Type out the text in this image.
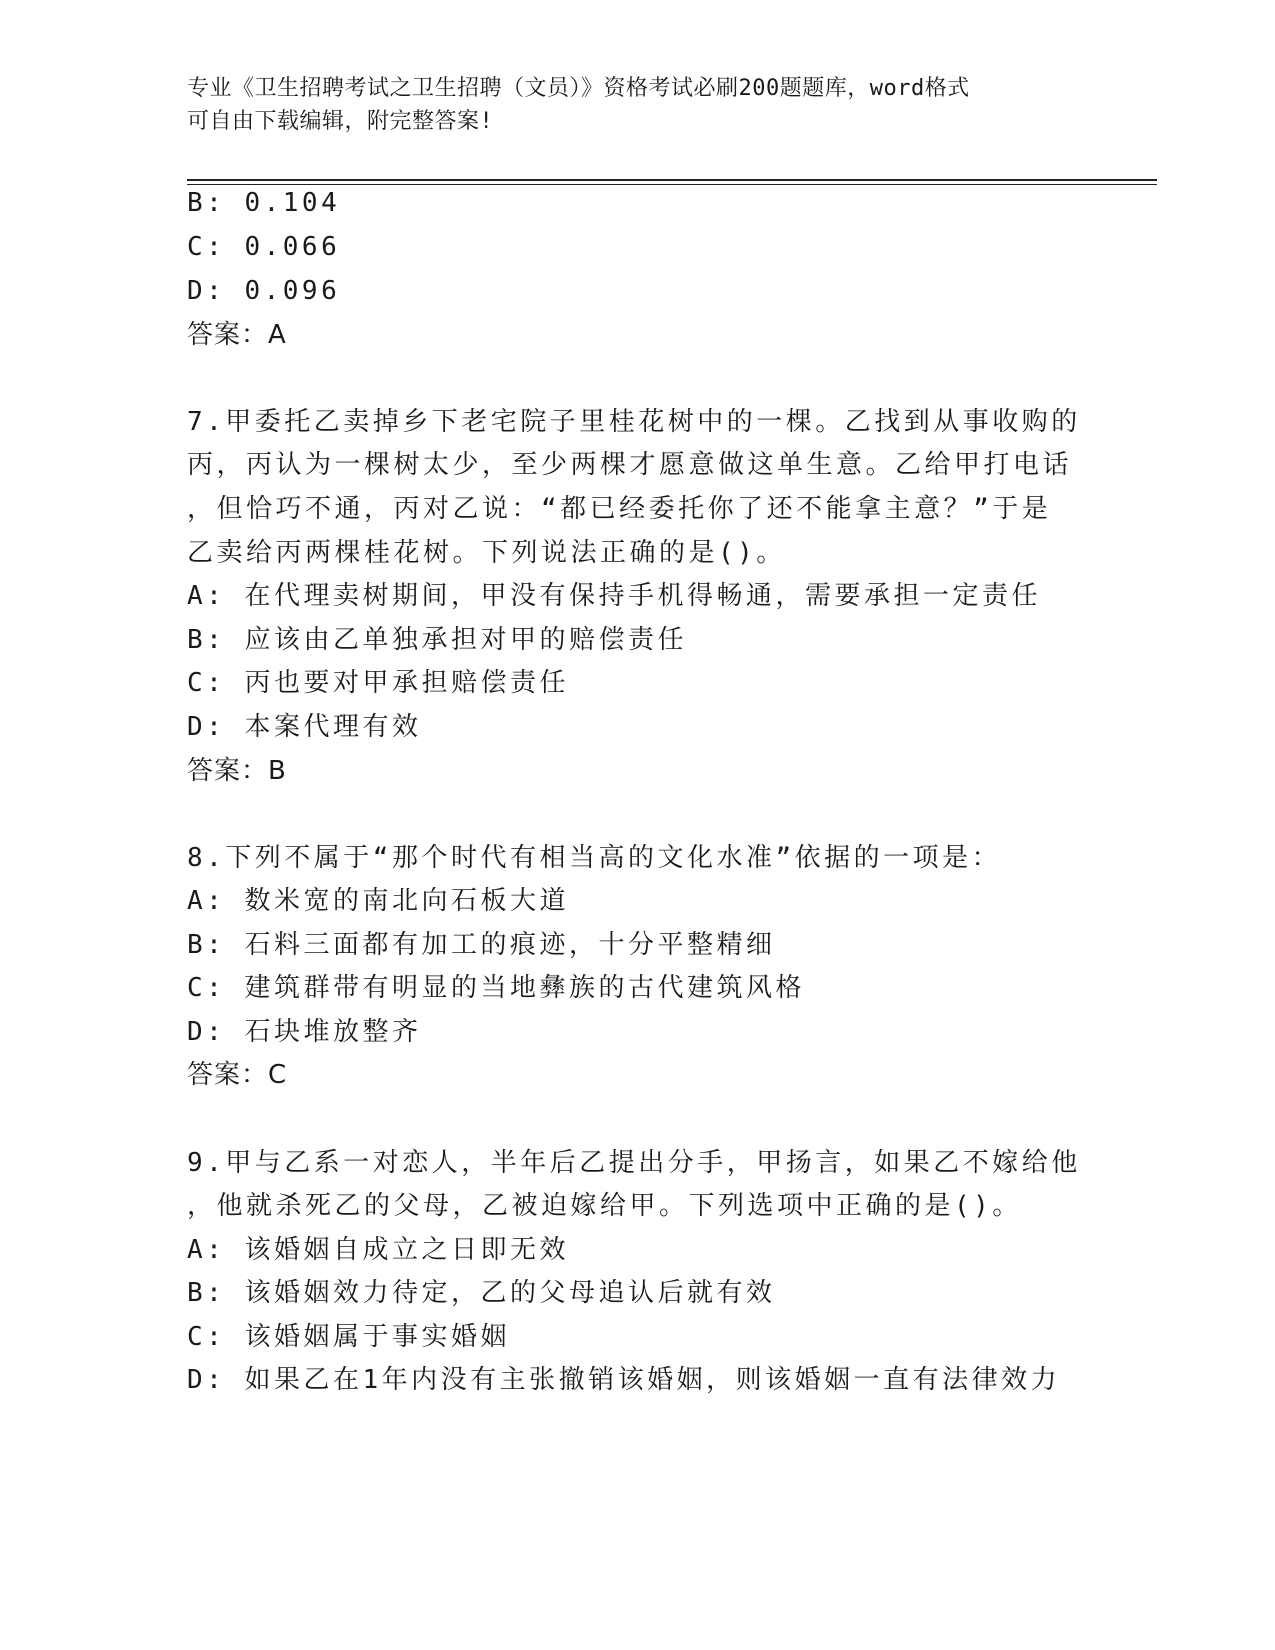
专业《卫生招聘考试之卫生招聘（文员）》资格考试必刷200题题库，word格式
可自由下载编辑，附完整答案!
B: 0.104
C: 0.066
D: 0.096
答案：A
7.甲委托乙卖掉乡下老宅院子里桂花树中的一棵。乙找到从事收购的
丙，丙认为一棵树太少，至少两棵才愿意做这单生意。乙给甲打电话
，但恰巧不通，丙对乙说：“都已经委托你了还不能拿主意？”于是
乙卖给丙两棵桂花树。下列说法正确的是()。
A: 在代理卖树期间，甲没有保持手机得畅通，需要承担一定责任
B: 应该由乙单独承担对甲的赔偿责任
C: 丙也要对甲承担赔偿责任
D: 本案代理有效
答案：B
8.下列不属于“那个时代有相当高的文化水准”依据的一项是：
A: 数米宽的南北向石板大道
B: 石料三面都有加工的痕迹，十分平整精细
C: 建筑群带有明显的当地彝族的古代建筑风格
D: 石块堆放整齐
答案：C
9.甲与乙系一对恋人，半年后乙提出分手，甲扬言，如果乙不嫁给他
，他就杀死乙的父母，乙被迫嫁给甲。下列选项中正确的是()。
A: 该婚姻自成立之日即无效
B: 该婚姻效力待定，乙的父母追认后就有效
C: 该婚姻属于事实婚姻
D: 如果乙在1年内没有主张撤销该婚姻，则该婚姻一直有法律效力
